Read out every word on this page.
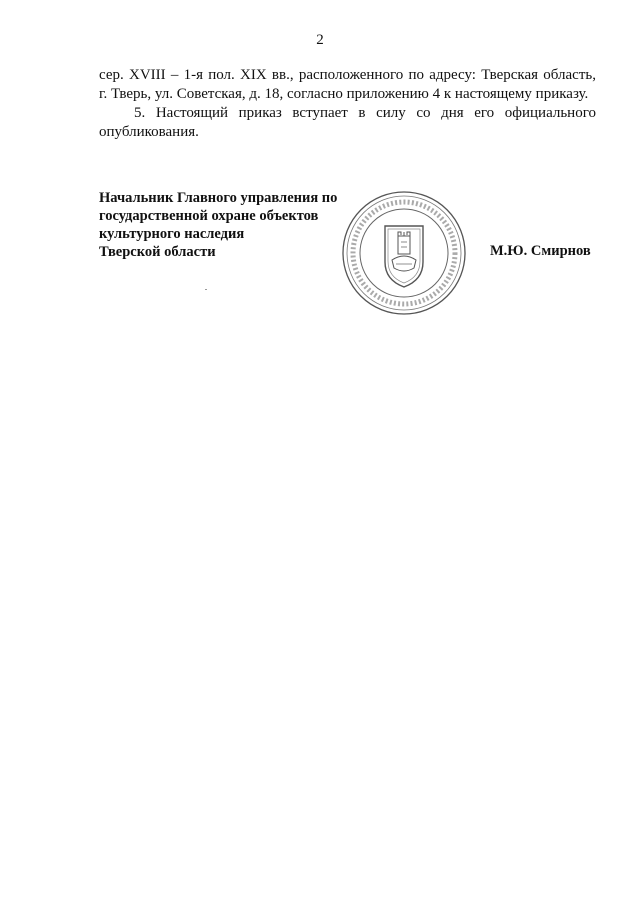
2

сер. XVIII – 1-я пол. XIX вв., расположенного по адресу: Тверская область,
г. Тверь, ул. Советская, д. 18, согласно приложению 4 к настоящему приказу.

5. Настоящий приказ вступает в силу со дня его официального
опубликования.

Начальник Главного управления по
государственной охране объектов
культурного наследия
Тверской области	М.Ю. Смирнов
